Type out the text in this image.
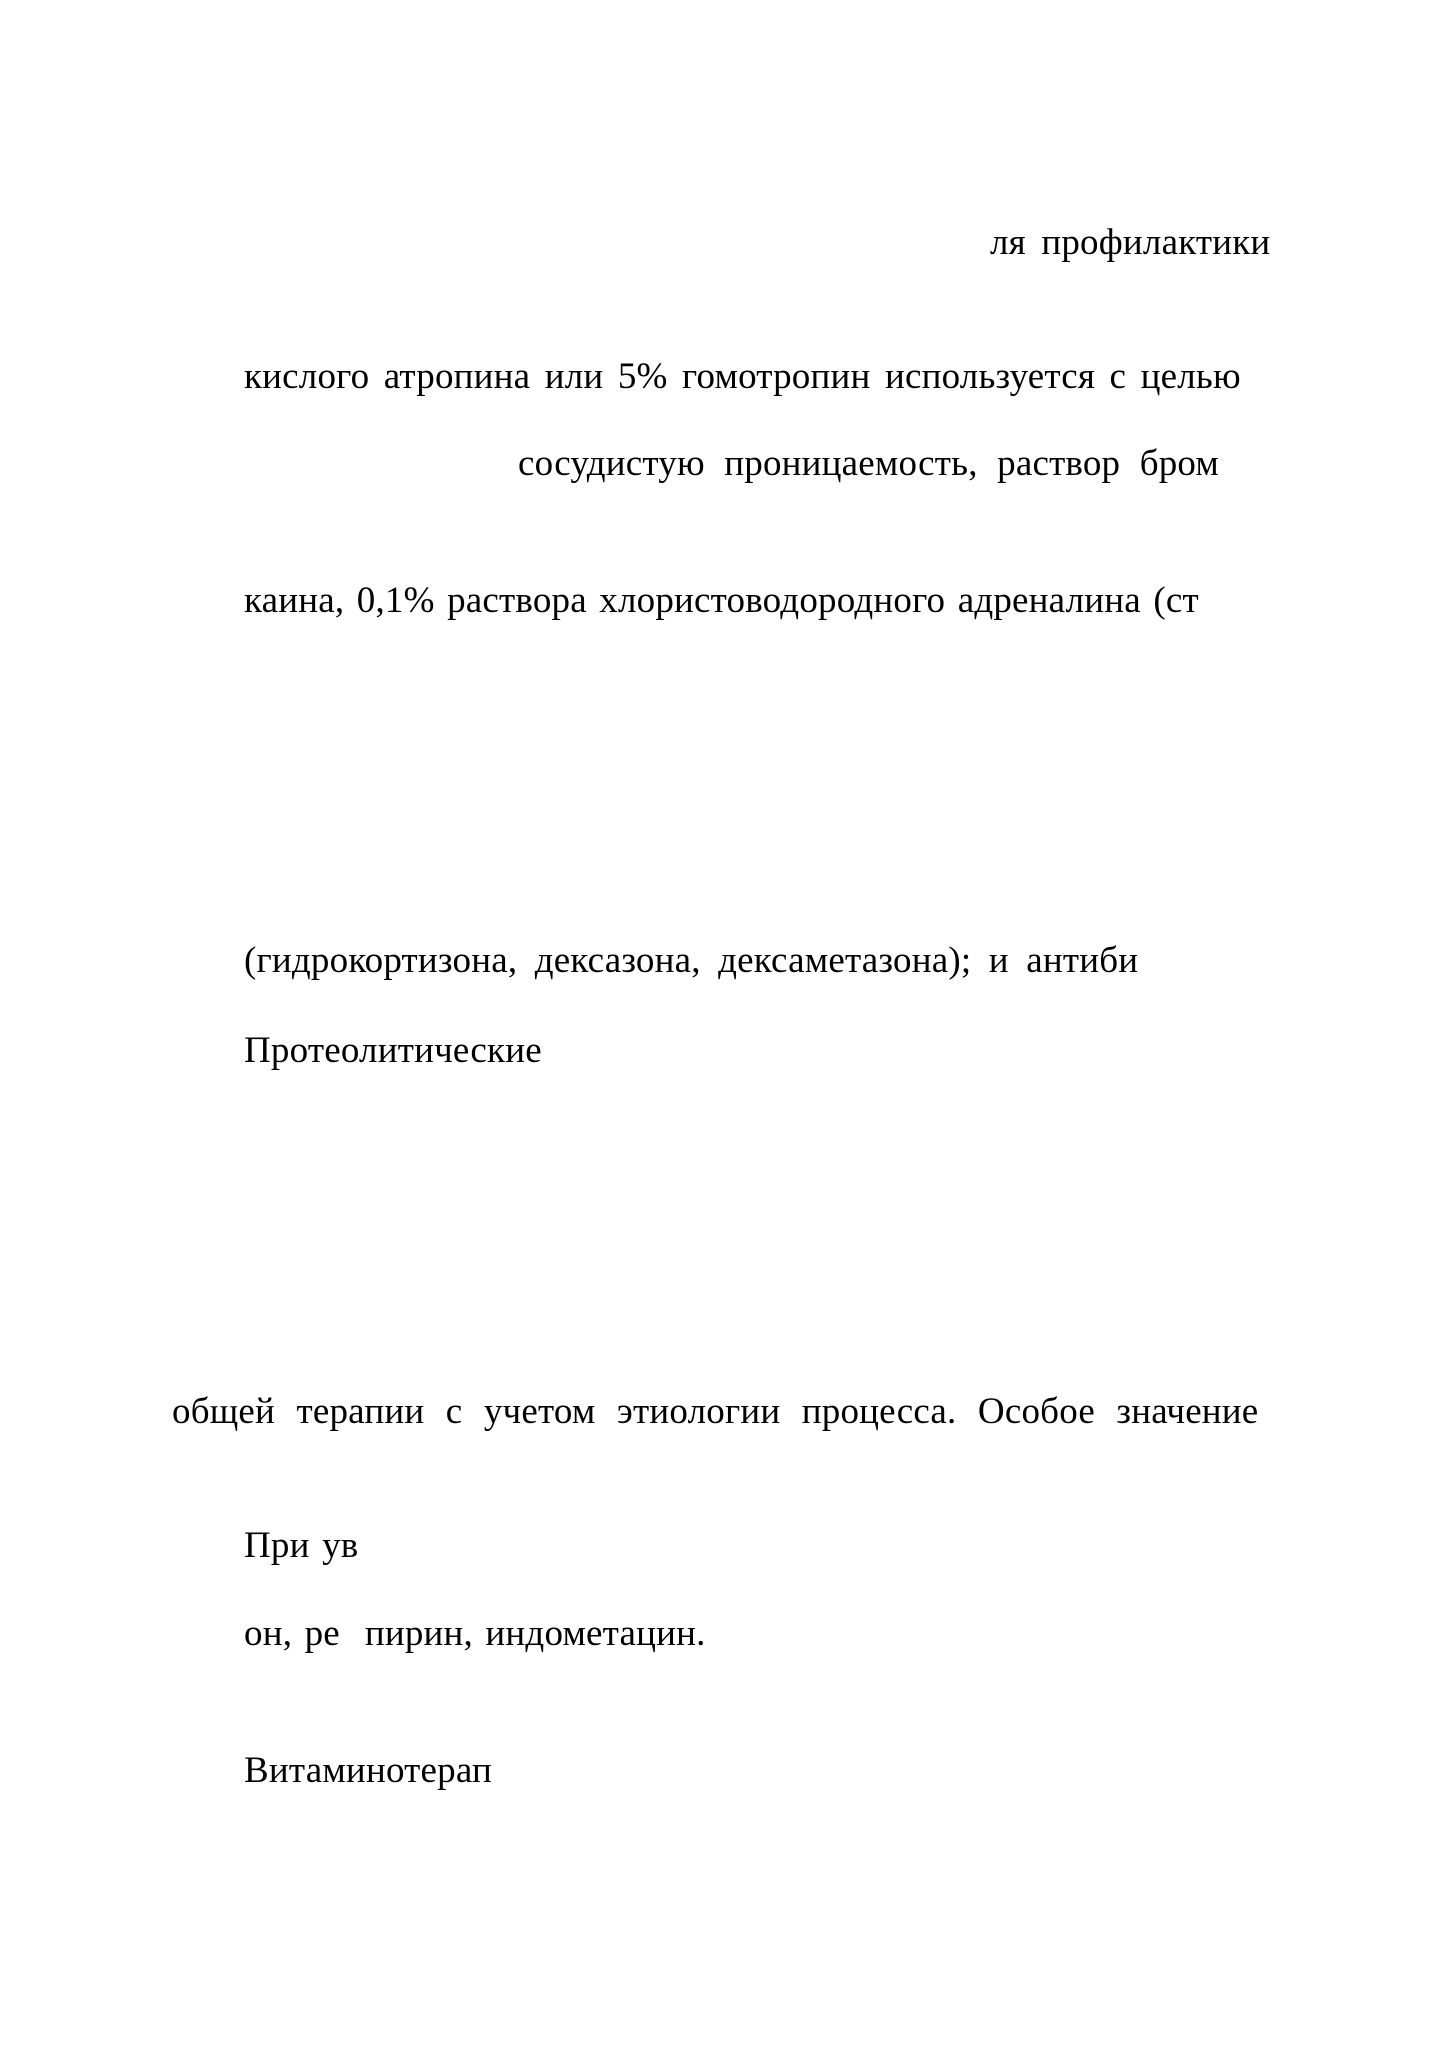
ля профилактики
кислого атропина или 5% гомотропин используется с целью
сосудистую проницаемость, раствор бром
каина, 0,1% раствора хлористоводородного адреналина (ст
(гидрокортизона, дексазона, дексаметазона); и антиби
Протеолитические
общей терапии с учетом этиологии процесса. Особое значение
При ув
он, ре  пирин, индометацин.
Витаминотерап
